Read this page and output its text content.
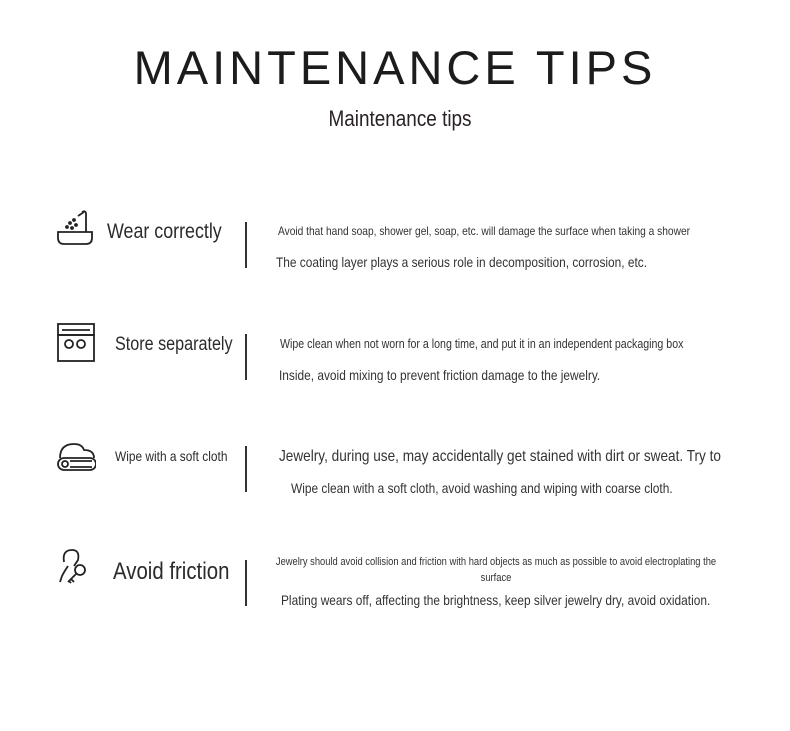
MAINTENANCE TIPS
Maintenance tips
Wear correctly	Avoid that hand soap, shower gel, soap, etc. will damage the surface when taking a shower
The coating layer plays a serious role in decomposition, corrosion, etc.
Store separately	Wipe clean when not worn for a long time, and put it in an independent packaging box
Inside, avoid mixing to prevent friction damage to the jewelry.
Wipe with a soft cloth	Jewelry, during use, may accidentally get stained with dirt or sweat. Try to
Wipe clean with a soft cloth, avoid washing and wiping with coarse cloth.
Avoid friction	Jewelry should avoid collision and friction with hard objects as much as possible to avoid electroplating the surface
Plating wears off, affecting the brightness, keep silver jewelry dry, avoid oxidation.
